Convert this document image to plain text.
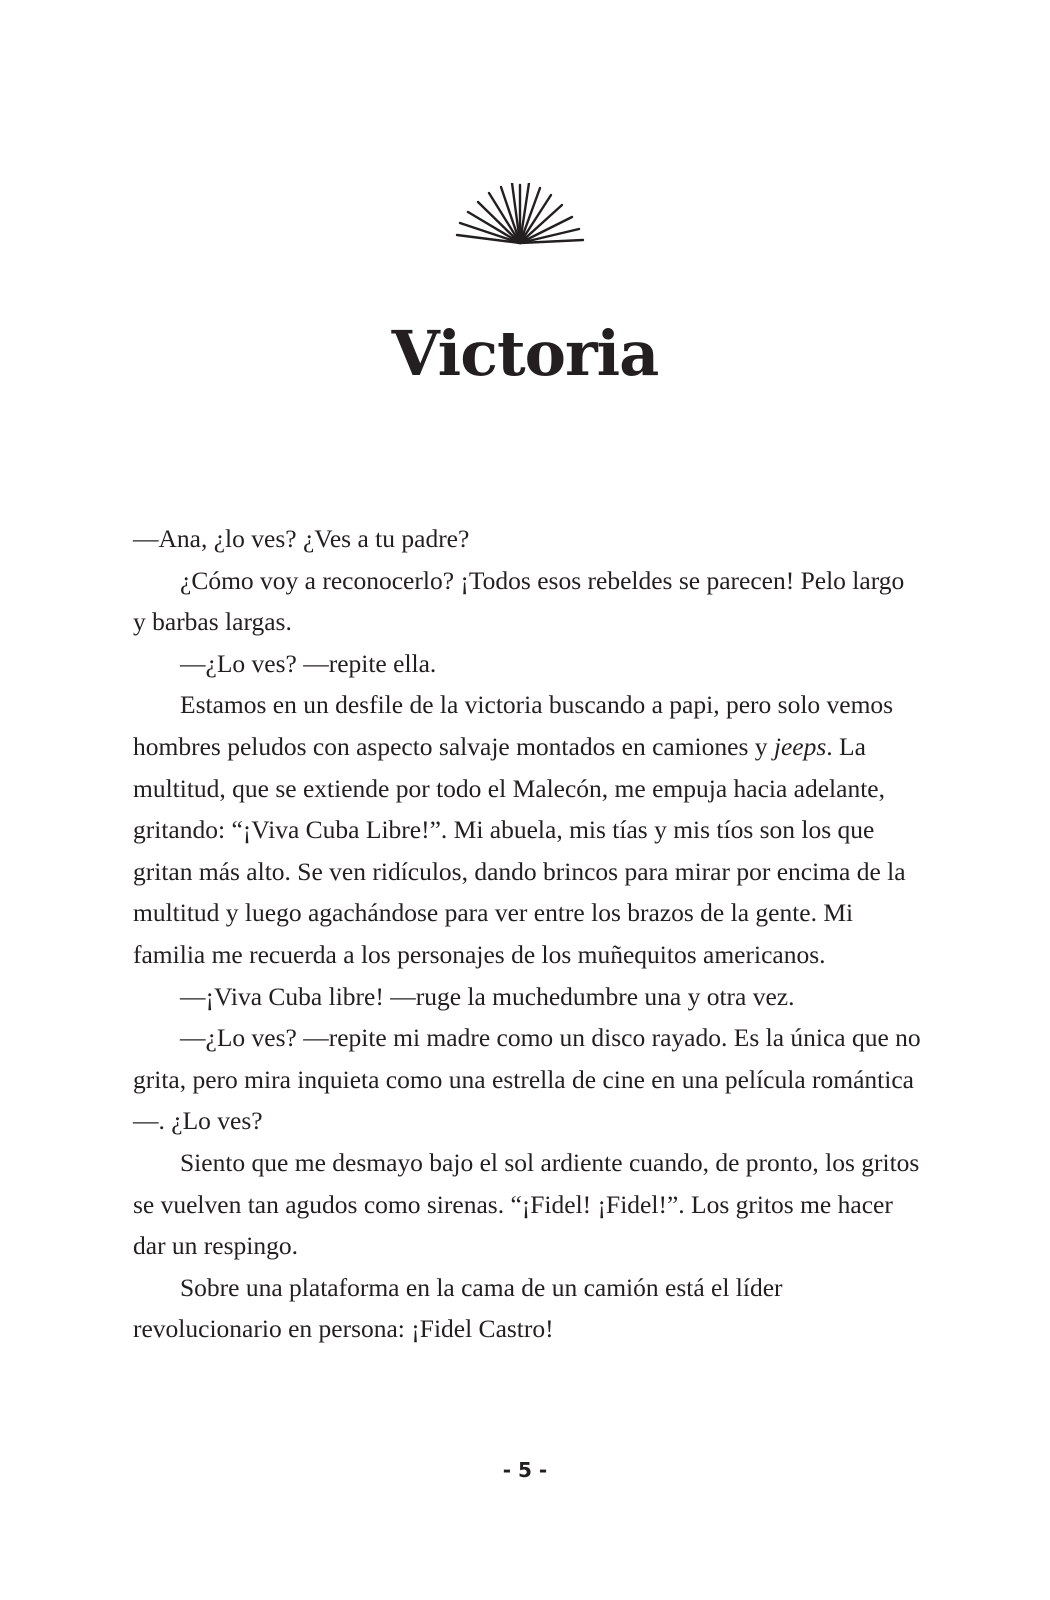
Victoria

—Ana, ¿lo ves? ¿Ves a tu padre?

¿Cómo voy a reconocerlo? ¡Todos esos rebeldes se parecen! Pelo largo y barbas largas.

—¿Lo ves? —repite ella.

Estamos en un desfile de la victoria buscando a papi, pero solo vemos hombres peludos con aspecto salvaje montados en camiones y jeeps. La multitud, que se extiende por todo el Malecón, me empuja hacia adelante, gritando: “¡Viva Cuba Libre!”. Mi abuela, mis tías y mis tíos son los que gritan más alto. Se ven ridículos, dando brincos para mirar por encima de la multitud y luego agachándose para ver entre los brazos de la gente. Mi familia me recuerda a los personajes de los muñequitos americanos.

—¡Viva Cuba libre! —ruge la muchedumbre una y otra vez.

—¿Lo ves? —repite mi madre como un disco rayado. Es la única que no grita, pero mira inquieta como una estrella de cine en una película romántica—. ¿Lo ves?

Siento que me desmayo bajo el sol ardiente cuando, de pronto, los gritos se vuelven tan agudos como sirenas. “¡Fidel! ¡Fidel!”. Los gritos me hacer dar un respingo.

Sobre una plataforma en la cama de un camión está el líder revolucionario en persona: ¡Fidel Castro!

- 5 -
